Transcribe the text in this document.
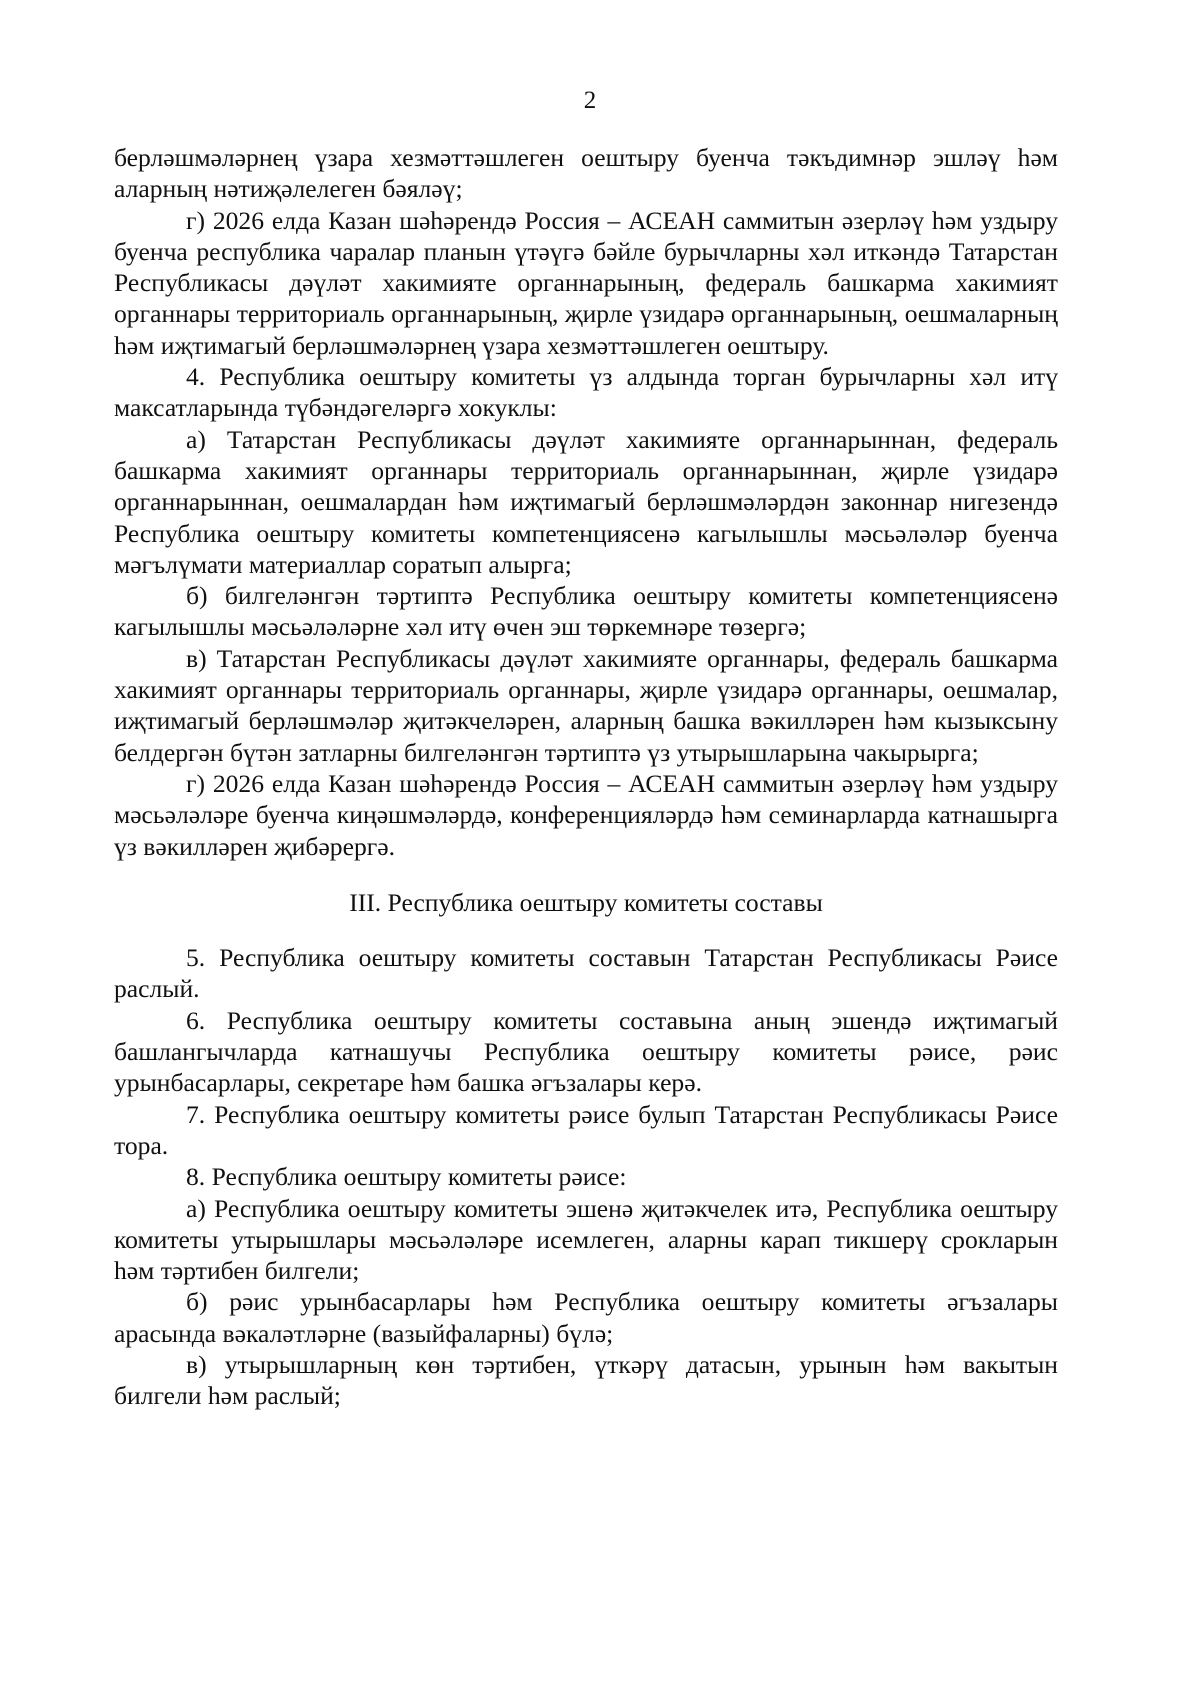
2

берләшмәләрнең үзара хезмәттәшлеген оештыру буенча тәкъдимнәр эшләү һәм аларның нәтиҗәлелеген бәяләү;

г) 2026 елда Казан шәһәрендә Россия – АСЕАН саммитын әзерләү һәм уздыру буенча республика чаралар планын үтәүгә бәйле бурычларны хәл иткәндә Татарстан Республикасы дәүләт хакимияте органнарының, федераль башкарма хакимият органнары территориаль органнарының, җирле үзидарә органнарының, оешмаларның һәм иҗтимагый берләшмәләрнең үзара хезмәттәшлеген оештыру.

4. Республика оештыру комитеты үз алдында торган бурычларны хәл итү максатларында түбәндәгеләргә хокуклы:

а) Татарстан Республикасы дәүләт хакимияте органнарыннан, федераль башкарма хакимият органнары территориаль органнарыннан, җирле үзидарә органнарыннан, оешмалардан һәм иҗтимагый берләшмәләрдән законнар нигезендә Республика оештыру комитеты компетенциясенә кагылышлы мәсьәләләр буенча мәгълүмати материаллар соратып алырга;

б) билгеләнгән тәртиптә Республика оештыру комитеты компетенциясенә кагылышлы мәсьәләләрне хәл итү өчен эш төркемнәре төзергә;

в) Татарстан Республикасы дәүләт хакимияте органнары, федераль башкарма хакимият органнары территориаль органнары, җирле үзидарә органнары, оешмалар, иҗтимагый берләшмәләр җитәкчеләрен, аларның башка вәкилләрен һәм кызыксыну белдергән бүтән затларны билгеләнгән тәртиптә үз утырышларына чакырырга;

г) 2026 елда Казан шәһәрендә Россия – АСЕАН саммитын әзерләү һәм уздыру мәсьәләләре буенча киңәшмәләрдә, конференцияләрдә һәм семинарларда катнашырга үз вәкилләрен җибәрергә.

III. Республика оештыру комитеты составы

5. Республика оештыру комитеты составын Татарстан Республикасы Рәисе раслый.

6. Республика оештыру комитеты составына аның эшендә иҗтимагый башлангычларда катнашучы Республика оештыру комитеты рәисе, рәис урынбасарлары, секретаре һәм башка әгъзалары керә.

7. Республика оештыру комитеты рәисе булып Татарстан Республикасы Рәисе тора.

8. Республика оештыру комитеты рәисе:

а) Республика оештыру комитеты эшенә җитәкчелек итә, Республика оештыру комитеты утырышлары мәсьәләләре исемлеген, аларны карап тикшерү срокларын һәм тәртибен билгели;

б) рәис урынбасарлары һәм Республика оештыру комитеты әгъзалары арасында вәкаләтләрне (вазыйфаларны) бүлә;

в) утырышларның көн тәртибен, үткәрү датасын, урынын һәм вакытын билгели һәм раслый;
